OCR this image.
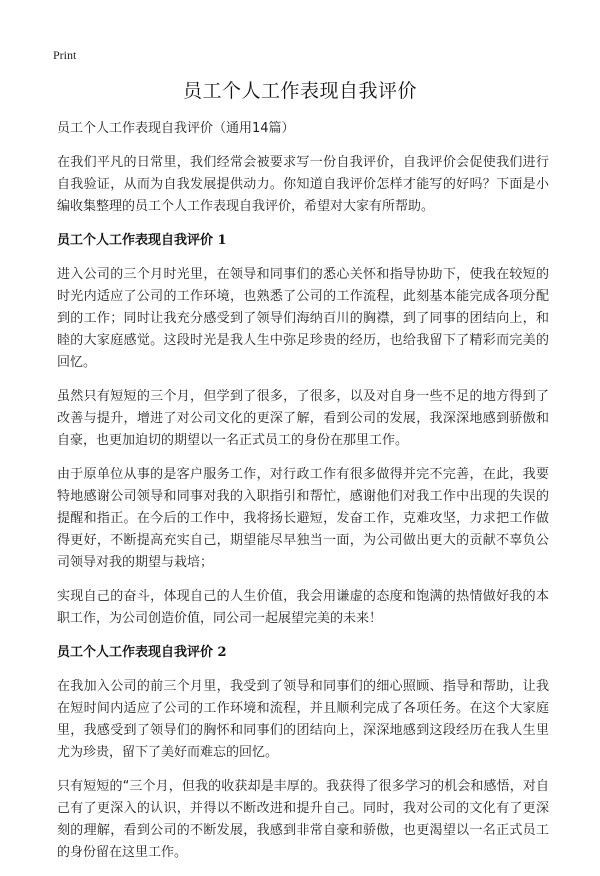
Print
员工个人工作表现自我评价

员工个人工作表现自我评价（通用14篇）

在我们平凡的日常里，我们经常会被要求写一份自我评价，自我评价会促使我们进行自我验证，从而为自我发展提供动力。你知道自我评价怎样才能写的好吗？下面是小编收集整理的员工个人工作表现自我评价，希望对大家有所帮助。

员工个人工作表现自我评价 1

进入公司的三个月时光里，在领导和同事们的悉心关怀和指导协助下，使我在较短的时光内适应了公司的工作环境，也熟悉了公司的工作流程，此刻基本能完成各项分配到的工作；同时让我充分感受到了领导们海纳百川的胸襟，到了同事的团结向上，和睦的大家庭感觉。这段时光是我人生中弥足珍贵的经历，也给我留下了精彩而完美的回忆。

虽然只有短短的三个月，但学到了很多，了很多，以及对自身一些不足的地方得到了改善与提升，增进了对公司文化的更深了解，看到公司的发展，我深深地感到骄傲和自豪，也更加迫切的期望以一名正式员工的身份在那里工作。

由于原单位从事的是客户服务工作，对行政工作有很多做得并完不完善，在此，我要特地感谢公司领导和同事对我的入职指引和帮忙，感谢他们对我工作中出现的失误的 提醒和指正。在今后的工作中，我将扬长避短，发奋工作，克难攻坚，力求把工作做得更好，不断提高充实自己，期望能尽早独当一面，为公司做出更大的贡献不辜负公司领导对我的期望与栽培；

实现自己的奋斗，体现自己的人生价值，我会用谦虚的态度和饱满的热情做好我的本职工作，为公司创造价值，同公司一起展望完美的未来！

员工个人工作表现自我评价 2

在我加入公司的前三个月里，我受到了领导和同事们的细心照顾、指导和帮助，让我在短时间内适应了公司的工作环境和流程，并且顺利完成了各项任务。在这个大家庭里，我感受到了领导们的胸怀和同事们的团结向上，深深地感到这段经历在我人生里尤为珍贵，留下了美好而难忘的回忆。

只有短短的“三个月，但我的收获却是丰厚的。我获得了很多学习的机会和感悟，对自己有了更深入的认识，并得以不断改进和提升自己。同时，我对公司的文化有了更深刻的理解，看到公司的不断发展，我感到非常自豪和骄傲，也更渴望以一名正式员工的身份留在这里工作。
